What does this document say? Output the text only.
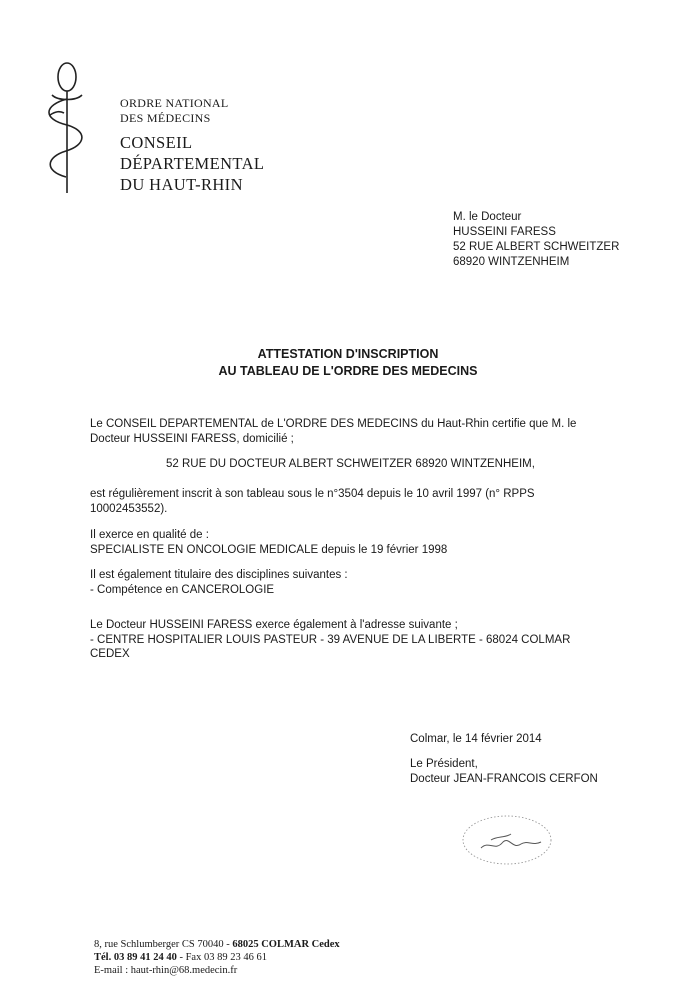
ORDRE NATIONAL
DES MÉDECINS
CONSEIL
DÉPARTEMENTAL
DU HAUT-RHIN
M. le Docteur
HUSSEINI FARESS
52 RUE ALBERT SCHWEITZER
68920 WINTZENHEIM
ATTESTATION D'INSCRIPTION
AU TABLEAU DE L'ORDRE DES MEDECINS
Le CONSEIL DEPARTEMENTAL de L'ORDRE DES MEDECINS du Haut-Rhin certifie que M. le
Docteur HUSSEINI FARESS, domicilié ;
52 RUE DU DOCTEUR ALBERT SCHWEITZER 68920 WINTZENHEIM,
est régulièrement inscrit à son tableau sous le n°3504 depuis le 10 avril 1997 (n° RPPS
10002453552).
Il exerce en qualité de :
SPECIALISTE EN ONCOLOGIE MEDICALE depuis le 19 février 1998
Il est également titulaire des disciplines suivantes :
- Compétence en CANCEROLOGIE
Le Docteur HUSSEINI FARESS exerce également à l'adresse suivante ;
- CENTRE HOSPITALIER LOUIS PASTEUR - 39 AVENUE DE LA LIBERTE - 68024 COLMAR
CEDEX
Colmar, le 14 février 2014
Le Président,
Docteur JEAN-FRANCOIS CERFON
8, rue Schlumberger CS 70040 - 68025 COLMAR Cedex
Tél. 03 89 41 24 40 - Fax 03 89 23 46 61
E-mail : haut-rhin@68.medecin.fr
